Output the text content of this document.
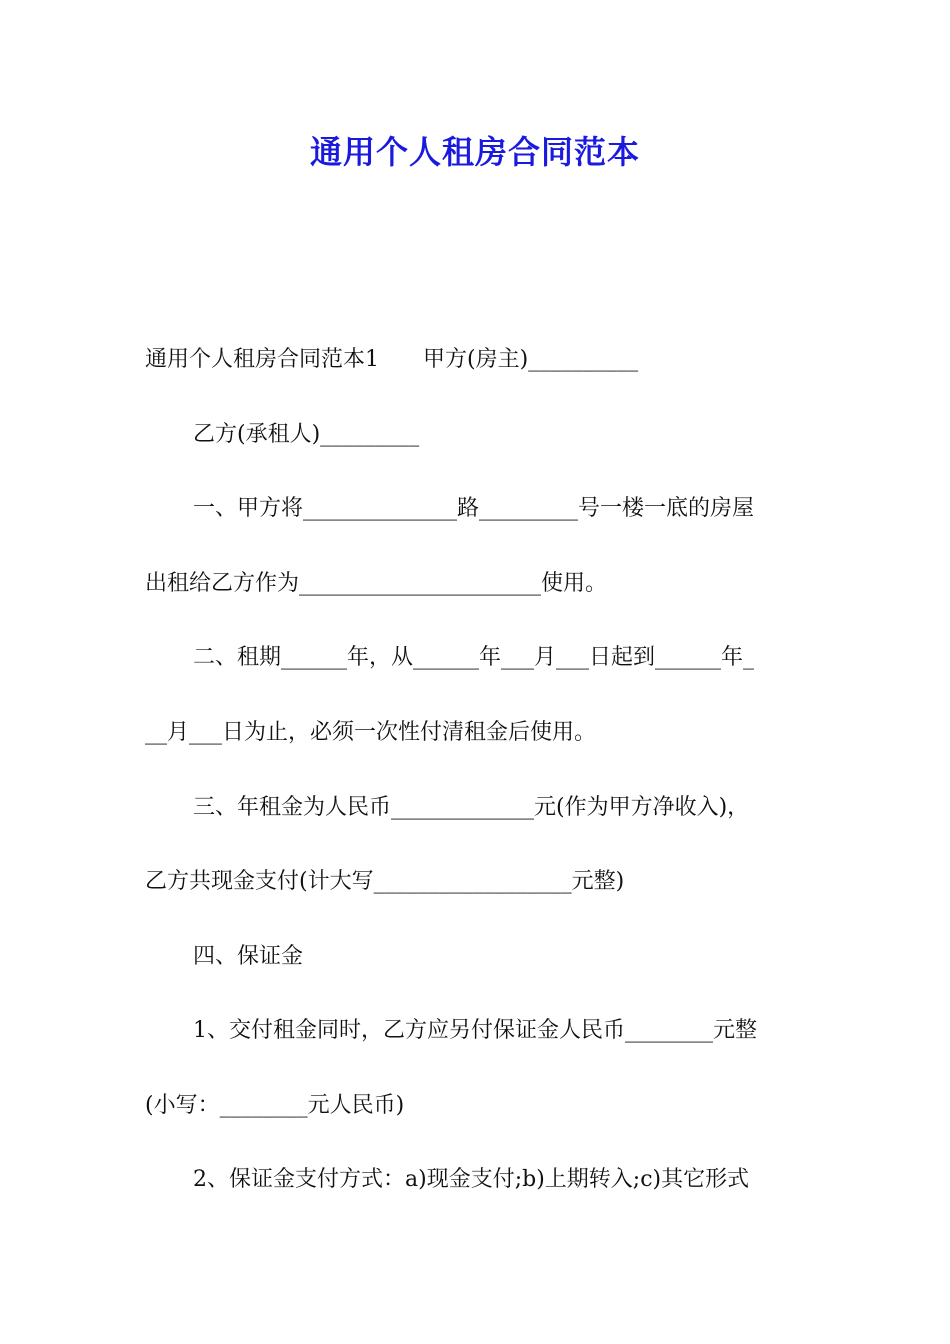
通用个人租房合同范本
通用个人租房合同范本1　　甲方(房主)__________
乙方(承租人)_________
一、甲方将______________路_________号一楼一底的房屋
出租给乙方作为______________________使用。
二、租期______年，从______年___月___日起到______年_
__月___日为止，必须一次性付清租金后使用。
三、年租金为人民币_____________元(作为甲方净收入)，
乙方共现金支付(计大写__________________元整)
四、保证金
1、交付租金同时，乙方应另付保证金人民币________元整
(小写：________元人民币)
2、保证金支付方式：a)现金支付;b)上期转入;c)其它形式
